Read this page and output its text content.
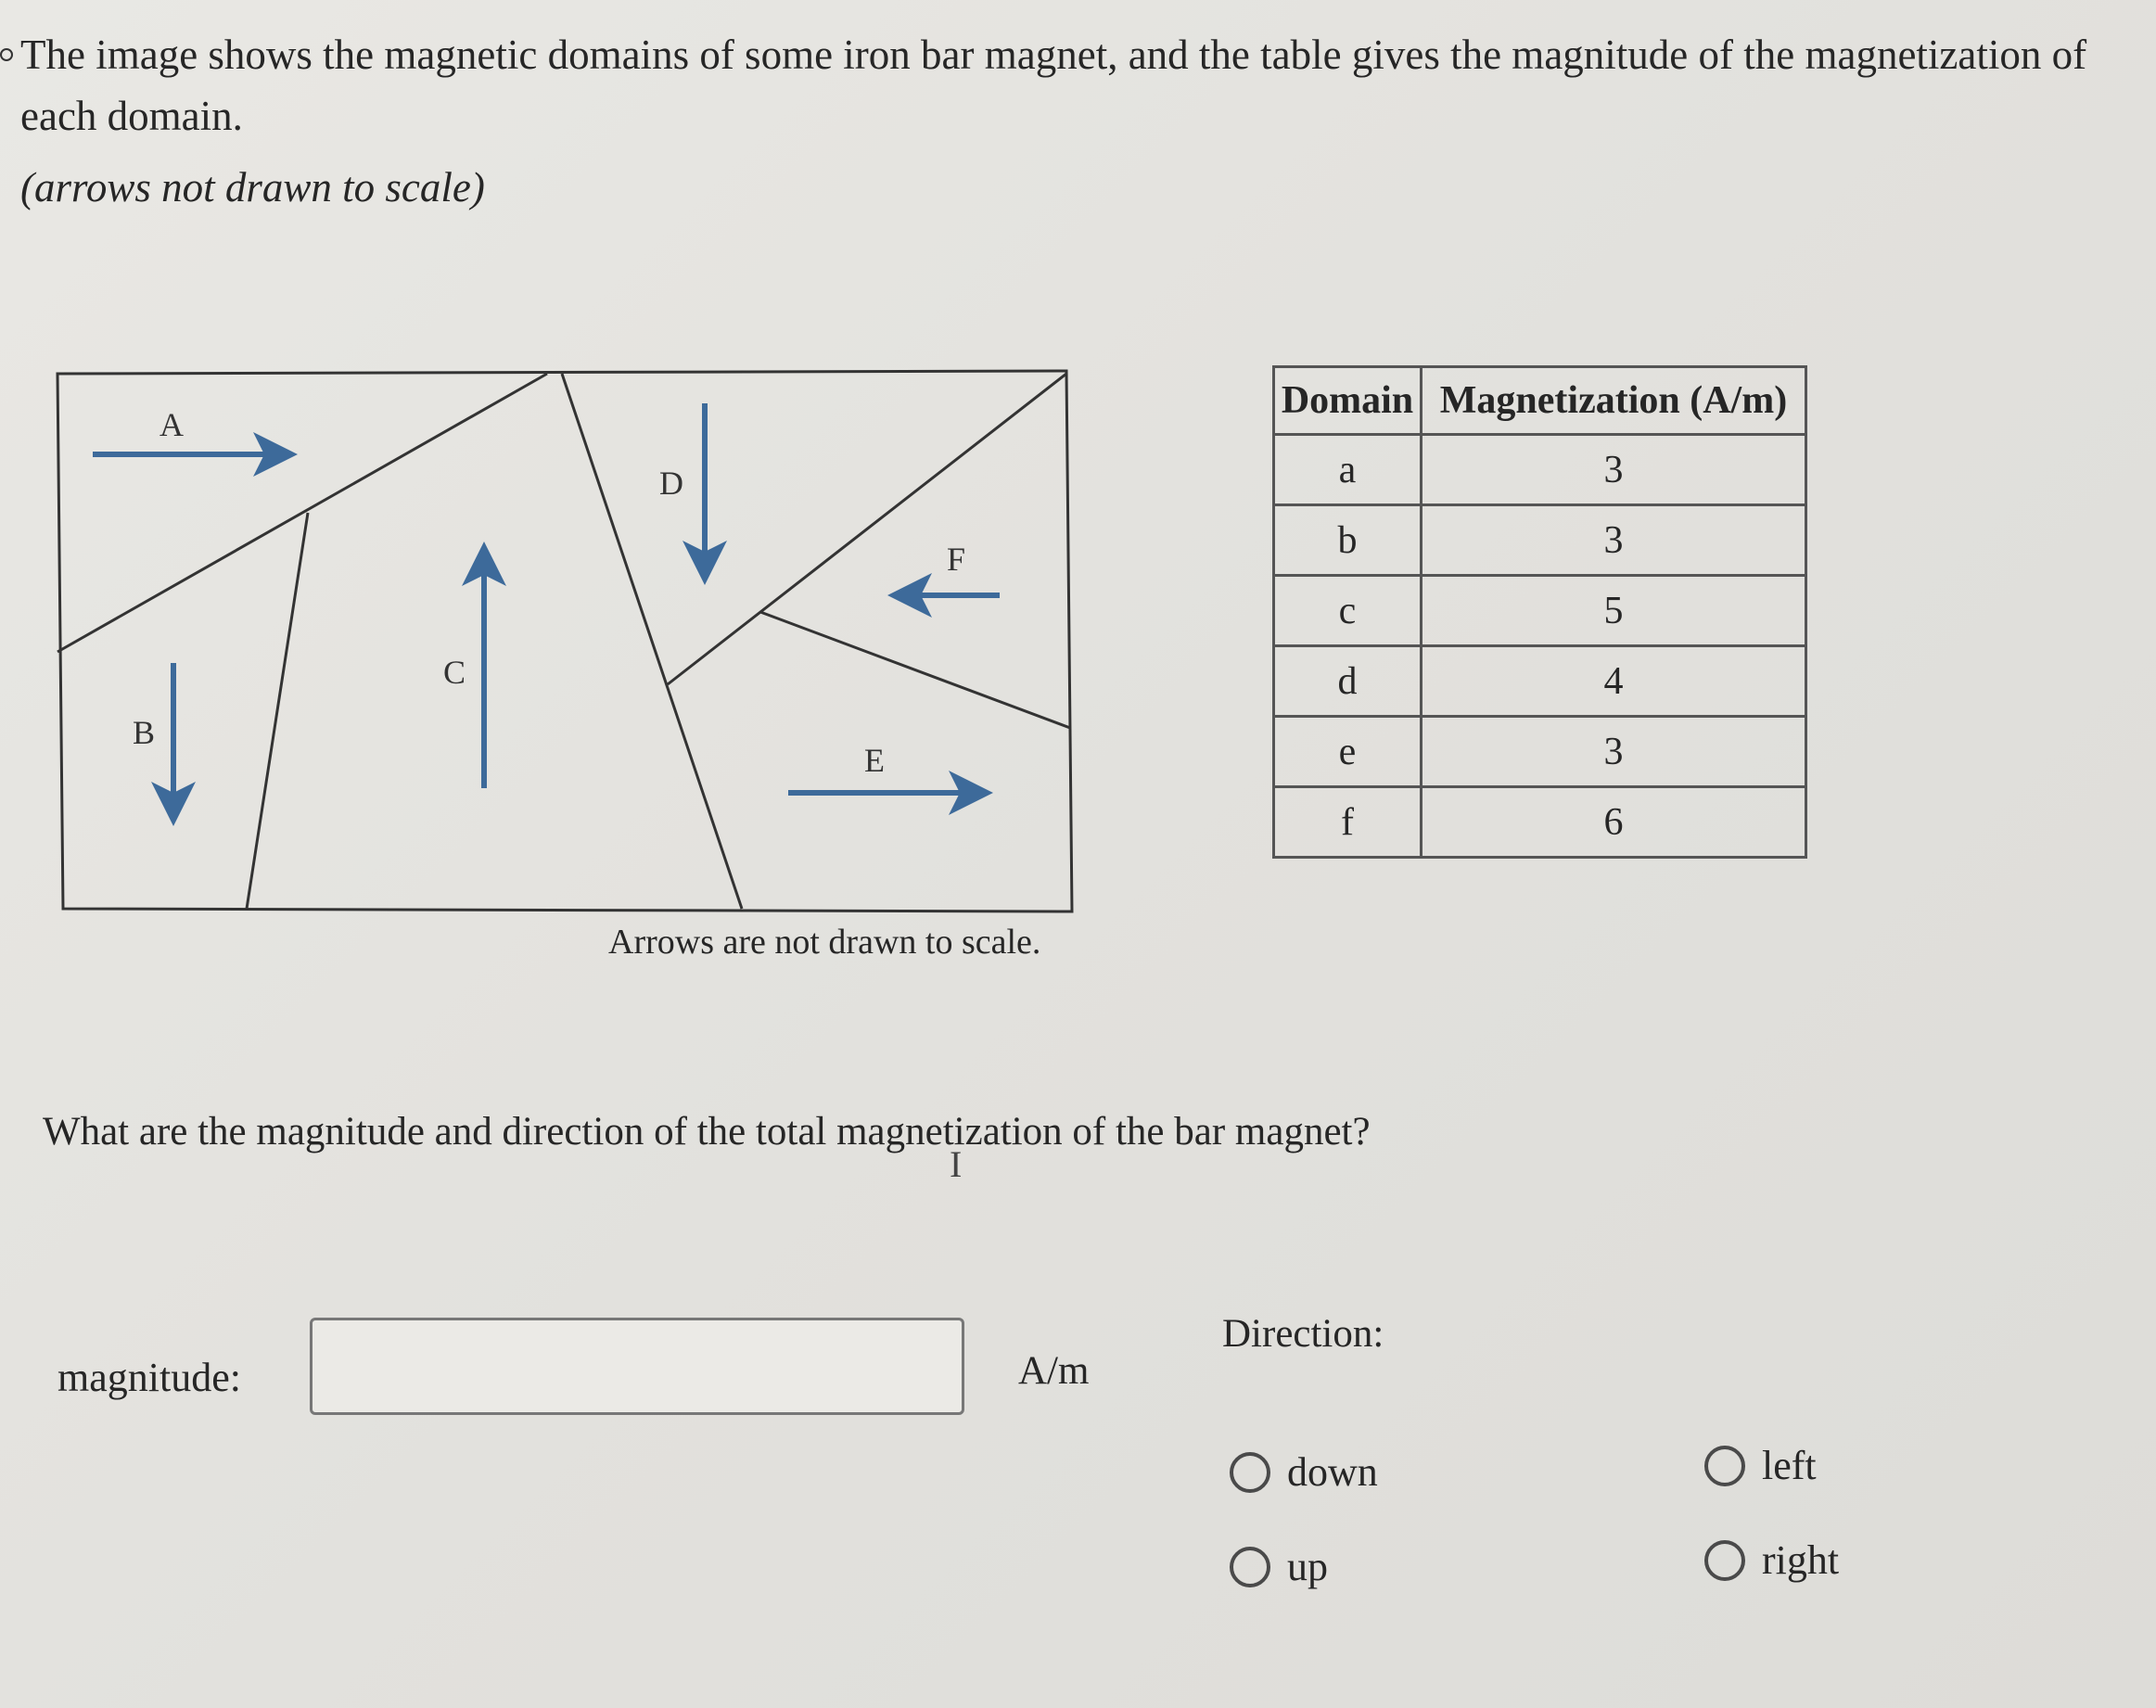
The image shows the magnetic domains of some iron bar magnet, and the table gives the magnitude of the magnetization of each domain.
(arrows not drawn to scale)
A
B
C
D
E
F
Arrows are not drawn to scale.
Domain	Magnetization (A/m)
a	3
b	3
c	5
d	4
e	3
f	6
What are the magnitude and direction of the total magnetization of the bar magnet?
I
magnitude:	A/m
Direction:
down
up
left
right
